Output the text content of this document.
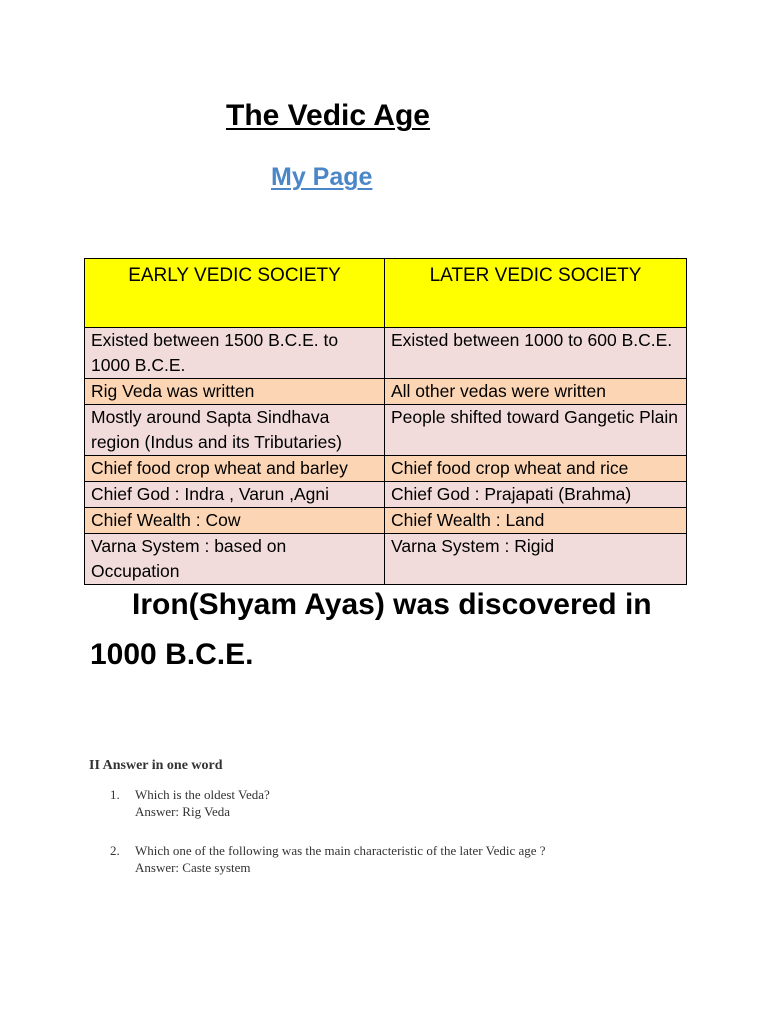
The Vedic Age
My Page
EARLY VEDIC SOCIETY	LATER VEDIC SOCIETY
Existed between 1500 B.C.E. to 1000 B.C.E.	Existed between 1000 to 600 B.C.E.
Rig Veda was written	All other vedas were written
Mostly around Sapta Sindhava region (Indus and its Tributaries)	People shifted toward Gangetic Plain
Chief food crop wheat and barley	Chief food crop wheat and rice
Chief God : Indra , Varun ,Agni	Chief God : Prajapati (Brahma)
Chief Wealth : Cow	Chief Wealth : Land
Varna System : based on Occupation	Varna System : Rigid
Iron(Shyam Ayas) was discovered in 1000 B.C.E.
II Answer in one word
1. Which is the oldest Veda?
Answer: Rig Veda
2. Which one of the following was the main characteristic of the later Vedic age ?
Answer: Caste system
